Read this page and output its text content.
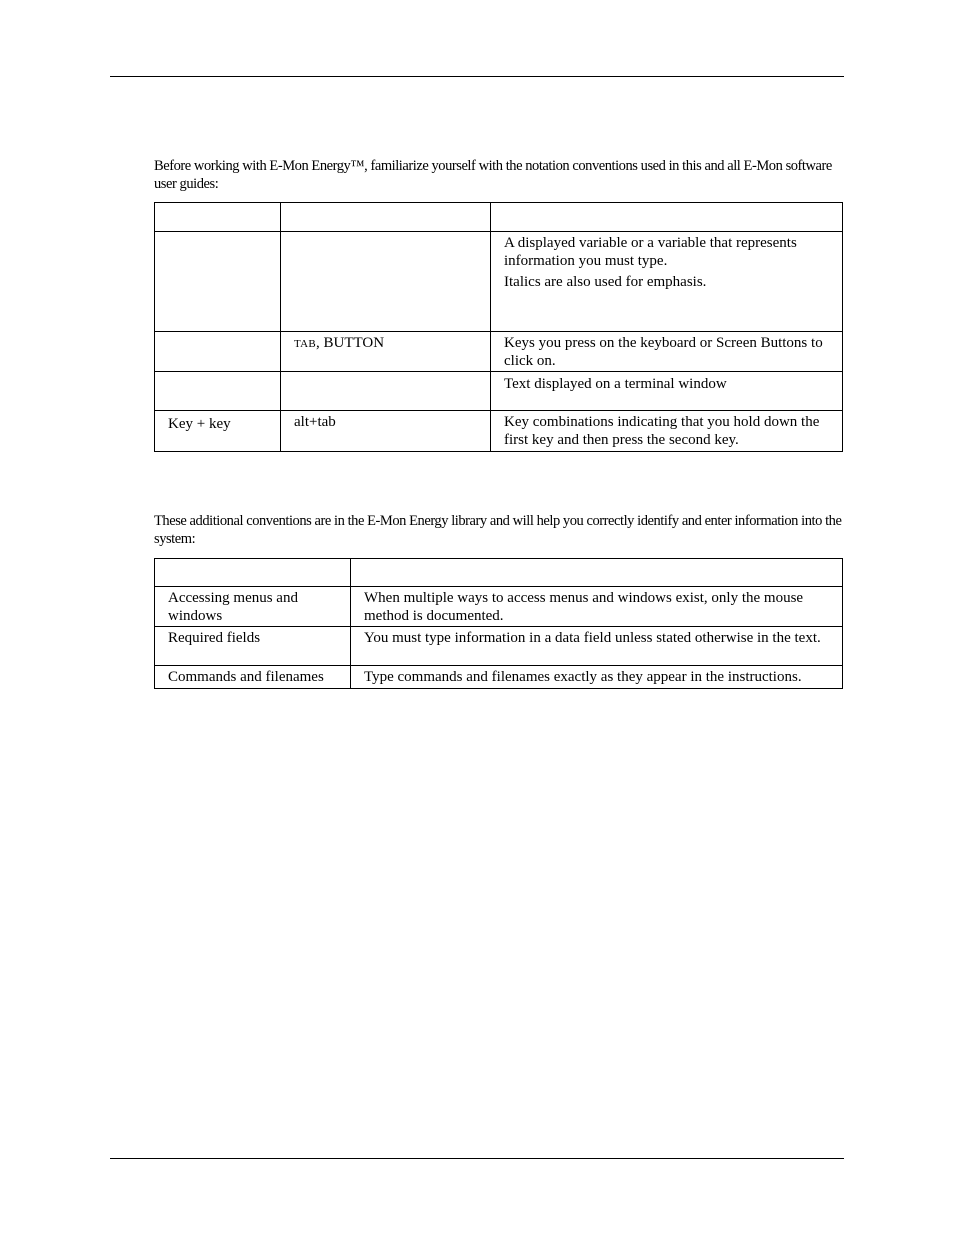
Before working with E-Mon Energy™, familiarize yourself with the notation conventions used in this and all E-Mon software user guides:

		A displayed variable or a variable that represents information you must type.

Italics are also used for emphasis.

	TAB, BUTTON	Keys you press on the keyboard or Screen Buttons to click on.

		Text displayed on a terminal window

Key + key	alt+tab	Key combinations indicating that you hold down the first key and then press the second key.

These additional conventions are in the E-Mon Energy library and will help you correctly identify and enter information into the system:

Accessing menus and windows	When multiple ways to access menus and windows exist, only the mouse method is documented.

Required fields	You must type information in a data field unless stated otherwise in the text.

Commands and filenames	Type commands and filenames exactly as they appear in the instructions.
